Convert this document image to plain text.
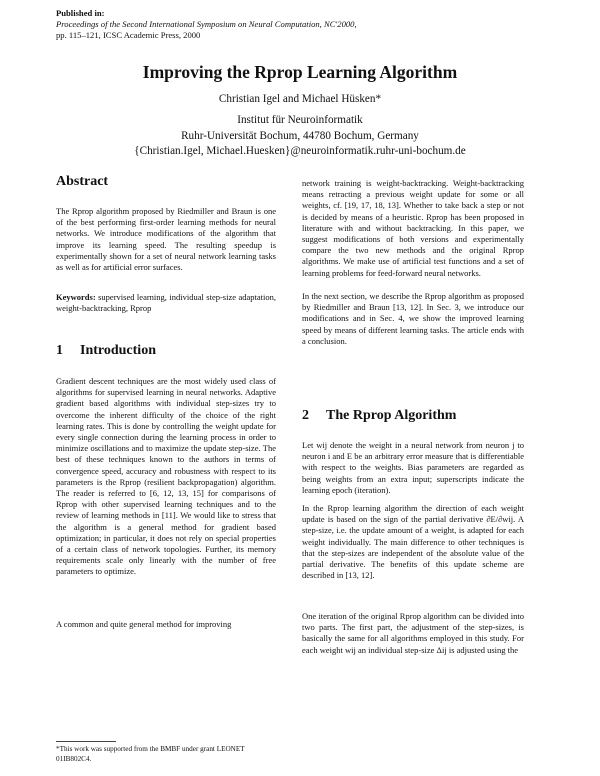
Published in:
Proceedings of the Second International Symposium on Neural Computation, NC'2000,
pp. 115–121, ICSC Academic Press, 2000
Improving the Rprop Learning Algorithm
Christian Igel and Michael Hüsken*
Institut für Neuroinformatik
Ruhr-Universität Bochum, 44780 Bochum, Germany
{Christian.Igel, Michael.Huesken}@neuroinformatik.ruhr-uni-bochum.de
Abstract

The Rprop algorithm proposed by Riedmiller and Braun is one of the best performing first-order learning methods for neural networks. We introduce modifications of the algorithm that improve its learning speed. The resulting speedup is experimentally shown for a set of neural network learning tasks as well as for artificial error surfaces.

Keywords: supervised learning, individual step-size adaptation, weight-backtracking, Rprop

1 Introduction

Gradient descent techniques are the most widely used class of algorithms for supervised learning in neural networks. Adaptive gradient based algorithms with individual step-sizes try to overcome the inherent difficulty of the choice of the right learning rates. This is done by controlling the weight update for every single connection during the learning process in order to minimize oscillations and to maximize the update step-size. The best of these techniques known to the authors in terms of convergence speed, accuracy and robustness with respect to its parameters is the Rprop (resilient backpropagation) algorithm. The reader is referred to [6, 12, 13, 15] for comparisons of Rprop with other supervised learning techniques and to the review of learning methods in [11]. We would like to stress that the algorithm is a general method for gradient based optimization; in particular, it does not rely on special properties of a certain class of network topologies. Further, its memory requirements scale only linearly with the number of free parameters to optimize.

A common and quite general method for improving

*This work was supported from the BMBF under grant LEONET 01IB802C4.

network training is weight-backtracking. Weight-backtracking means retracting a previous weight update for some or all weights, cf. [19, 17, 18, 13]. Whether to take back a step or not is decided by means of a heuristic. Rprop has been proposed in literature with and without backtracking. In this paper, we suggest modifications of both versions and experimentally compare the two new methods and the original Rprop algorithms. We make use of artificial test functions and a set of learning problems for feed-forward neural networks.

In the next section, we describe the Rprop algorithm as proposed by Riedmiller and Braun [13, 12]. In Sec. 3, we introduce our modifications and in Sec. 4, we show the improved learning speed by means of different learning tasks. The article ends with a conclusion.

2 The Rprop Algorithm

Let wij denote the weight in a neural network from neuron j to neuron i and E be an arbitrary error measure that is differentiable with respect to the weights. Bias parameters are regarded as being weights from an extra input; superscripts indicate the learning epoch (iteration).

In the Rprop learning algorithm the direction of each weight update is based on the sign of the partial derivative ∂E/∂wij. A step-size, i.e. the update amount of a weight, is adapted for each weight individually. The main difference to other techniques is that the step-sizes are independent of the absolute value of the partial derivative. The benefits of this update scheme are described in [13, 12].

One iteration of the original Rprop algorithm can be divided into two parts. The first part, the adjustment of the step-sizes, is basically the same for all algorithms employed in this study. For each weight wij an individual step-size Δij is adjusted using the
